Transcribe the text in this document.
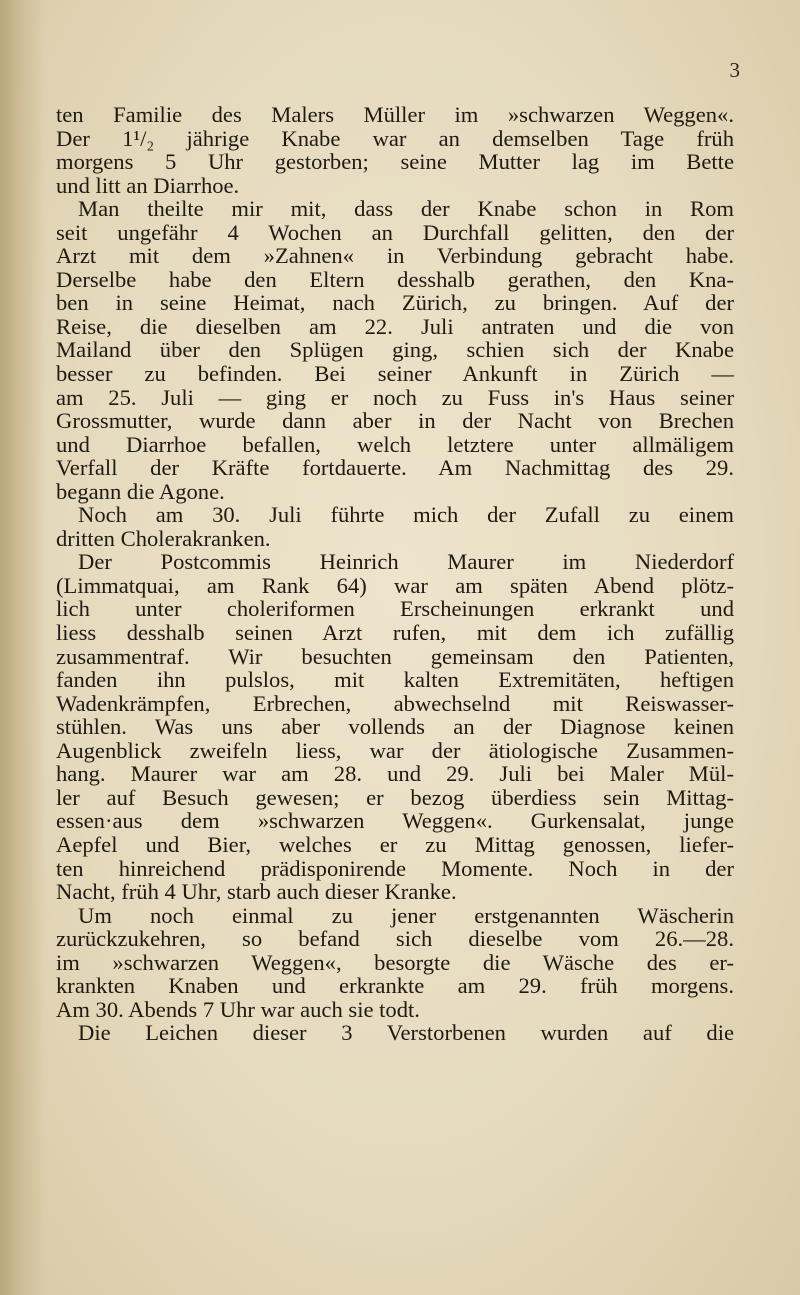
3

ten Familie des Malers Müller im »schwarzen Weggen«.
Der 1¹/₂ jährige Knabe war an demselben Tage früh
morgens 5 Uhr gestorben; seine Mutter lag im Bette
und litt an Diarrhoe.
Man theilte mir mit, dass der Knabe schon in Rom
seit ungefähr 4 Wochen an Durchfall gelitten, den der
Arzt mit dem »Zahnen« in Verbindung gebracht habe.
Derselbe habe den Eltern desshalb gerathen, den Kna-
ben in seine Heimat, nach Zürich, zu bringen. Auf der
Reise, die dieselben am 22. Juli antraten und die von
Mailand über den Splügen ging, schien sich der Knabe
besser zu befinden. Bei seiner Ankunft in Zürich —
am 25. Juli — ging er noch zu Fuss in's Haus seiner
Grossmutter, wurde dann aber in der Nacht von Brechen
und Diarrhoe befallen, welch letztere unter allmäligem
Verfall der Kräfte fortdauerte. Am Nachmittag des 29.
begann die Agone.
Noch am 30. Juli führte mich der Zufall zu einem
dritten Cholerakranken.
Der Postcommis Heinrich Maurer im Niederdorf
(Limmatquai, am Rank 64) war am späten Abend plötz-
lich unter choleriformen Erscheinungen erkrankt und
liess desshalb seinen Arzt rufen, mit dem ich zufällig
zusammentraf. Wir besuchten gemeinsam den Patienten,
fanden ihn pulslos, mit kalten Extremitäten, heftigen
Wadenkrämpfen, Erbrechen, abwechselnd mit Reiswasser-
stühlen. Was uns aber vollends an der Diagnose keinen
Augenblick zweifeln liess, war der ätiologische Zusammen-
hang. Maurer war am 28. und 29. Juli bei Maler Mül-
ler auf Besuch gewesen; er bezog überdiess sein Mittag-
essen·aus dem »schwarzen Weggen«. Gurkensalat, junge
Aepfel und Bier, welches er zu Mittag genossen, liefer-
ten hinreichend prädisponirende Momente. Noch in der
Nacht, früh 4 Uhr, starb auch dieser Kranke.
Um noch einmal zu jener erstgenannten Wäscherin
zurückzukehren, so befand sich dieselbe vom 26.—28.
im »schwarzen Weggen«, besorgte die Wäsche des er-
krankten Knaben und erkrankte am 29. früh morgens.
Am 30. Abends 7 Uhr war auch sie todt.
Die Leichen dieser 3 Verstorbenen wurden auf die
